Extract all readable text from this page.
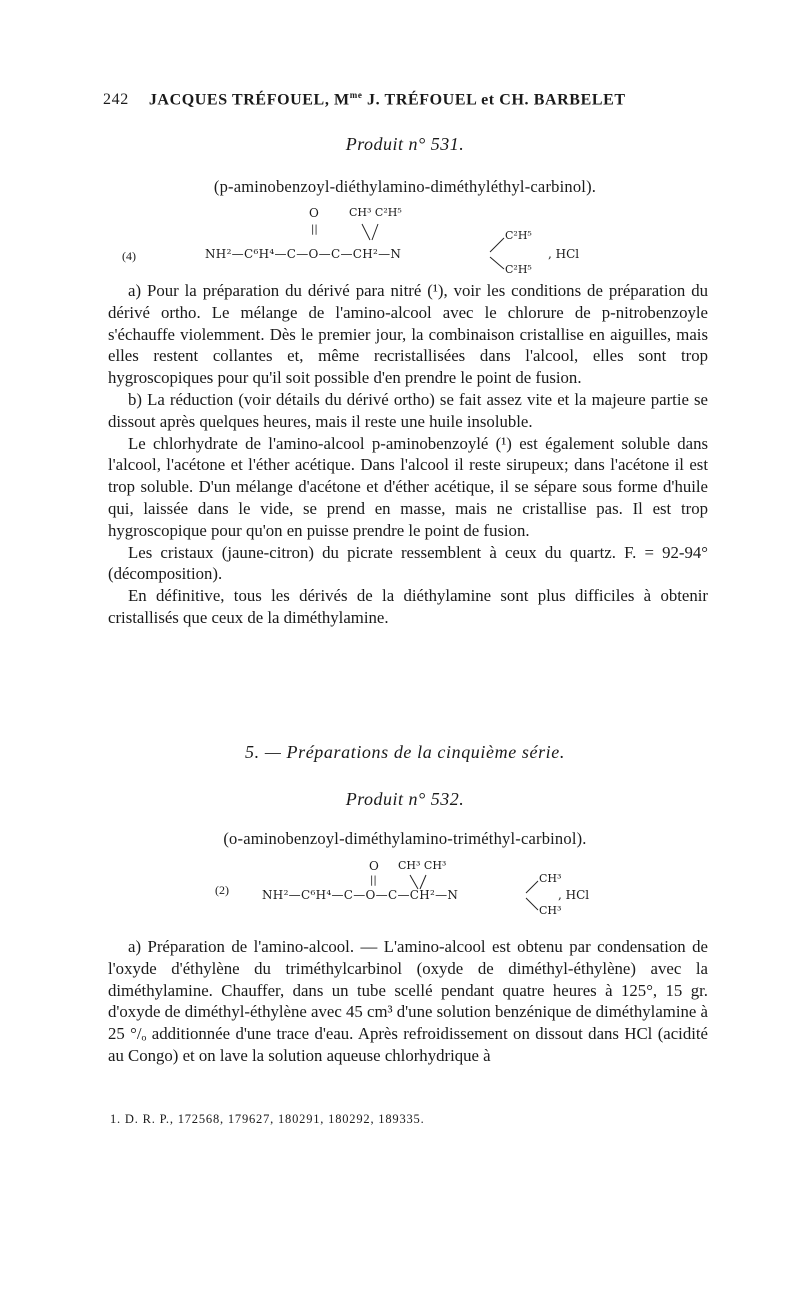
242 JACQUES TRÉFOUEL, $M^{me}$ J. TRÉFOUEL et CH. BARBELET
Produit n° 531.
(p-aminobenzoyl-diéthylamino-diméthyléthyl-carbinol).
(4)
O	CH³ C²H⁵
||
NH²—C⁶H⁴—C—O—C—CH²—N
C²H⁵
C²H⁵
, HCl

a) Pour la préparation du dérivé para nitré (¹), voir les conditions de préparation du dérivé ortho. Le mélange de l'amino-alcool avec le chlorure de p-nitrobenzoyle s'échauffe violemment. Dès le premier jour, la combinaison cristallise en aiguilles, mais elles restent collantes et, même recristallisées dans l'alcool, elles sont trop hygroscopiques pour qu'il soit possible d'en prendre le point de fusion.

b) La réduction (voir détails du dérivé ortho) se fait assez vite et la majeure partie se dissout après quelques heures, mais il reste une huile insoluble.

Le chlorhydrate de l'amino-alcool p-aminobenzoylé (¹) est également soluble dans l'alcool, l'acétone et l'éther acétique. Dans l'alcool il reste sirupeux; dans l'acétone il est trop soluble. D'un mélange d'acétone et d'éther acétique, il se sépare sous forme d'huile qui, laissée dans le vide, se prend en masse, mais ne cristallise pas. Il est trop hygroscopique pour qu'on en puisse prendre le point de fusion.

Les cristaux (jaune-citron) du picrate ressemblent à ceux du quartz. F. = 92-94° (décomposition).

En définitive, tous les dérivés de la diéthylamine sont plus difficiles à obtenir cristallisés que ceux de la diméthylamine.

5. — Préparations de la cinquième série.
Produit n° 532.
(o-aminobenzoyl-diméthylamino-triméthyl-carbinol).
(2)
O CH³ CH³
||
NH²—C⁶H⁴—C—O—C—CH²—N
CH³
CH³
, HCl

a) Préparation de l'amino-alcool. — L'amino-alcool est obtenu par condensation de l'oxyde d'éthylène du triméthylcarbinol (oxyde de diméthyl-éthylène) avec la diméthylamine. Chauffer, dans un tube scellé pendant quatre heures à 125°, 15 gr. d'oxyde de diméthyl-éthylène avec 45 cm³ d'une solution benzénique de diméthylamine à 25 °/ₒ additionnée d'une trace d'eau. Après refroidissement on dissout dans HCl (acidité au Congo) et on lave la solution aqueuse chlorhydrique à

1. D. R. P., 172568, 179627, 180291, 180292, 189335.
